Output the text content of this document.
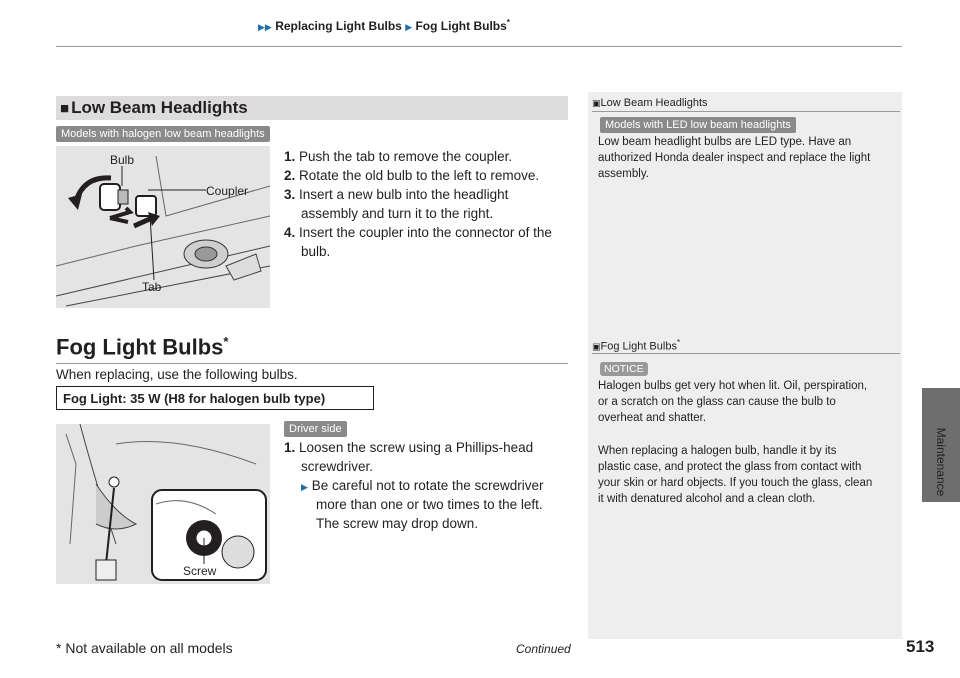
▶▶ Replacing Light Bulbs ▶ Fog Light Bulbs*
Maintenance
■ Low Beam Headlights
Models with halogen low beam headlights
Bulb
Coupler
Tab
1. Push the tab to remove the coupler.
2. Rotate the old bulb to the left to remove.
3. Insert a new bulb into the headlight
assembly and turn it to the right.
4. Insert the coupler into the connector of the
bulb.
▣Low Beam Headlights
Models with LED low beam headlights
Low beam headlight bulbs are LED type. Have an
authorized Honda dealer inspect and replace the light
assembly.
Fog Light Bulbs*
When replacing, use the following bulbs.
Fog Light: 35 W (H8 for halogen bulb type)
Driver side
Screw
1. Loosen the screw using a Phillips-head
screwdriver.
▶ Be careful not to rotate the screwdriver
more than one or two times to the left.
The screw may drop down.
▣Fog Light Bulbs*
NOTICE
Halogen bulbs get very hot when lit. Oil, perspiration,
or a scratch on the glass can cause the bulb to
overheat and shatter.
When replacing a halogen bulb, handle it by its
plastic case, and protect the glass from contact with
your skin or hard objects. If you touch the glass, clean
it with denatured alcohol and a clean cloth.
* Not available on all models	Continued	513
